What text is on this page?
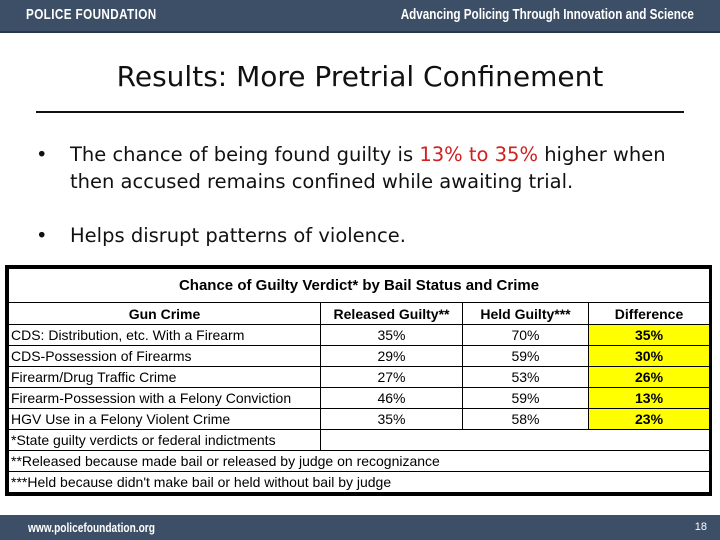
POLICE FOUNDATION	Advancing Policing Through Innovation and Science
Results: More Pretrial Confinement
• The chance of being found guilty is 13% to 35% higher when then accused remains confined while awaiting trial.
• Helps disrupt patterns of violence.
Chance of Guilty Verdict* by Bail Status and Crime			
Gun Crime	Released Guilty**	Held Guilty***	Difference
CDS: Distribution, etc. With a Firearm	35%	70%	35%
CDS-Possession of Firearms	29%	59%	30%
Firearm/Drug Traffic Crime	27%	53%	26%
Firearm-Possession with a Felony Conviction	46%	59%	13%
HGV Use in a Felony Violent Crime	35%	58%	23%
*State guilty verdicts or federal indictments			
**Released because made bail or released by judge on recognizance			
***Held because didn't make bail or held without bail by judge			
www.policefoundation.org	18
